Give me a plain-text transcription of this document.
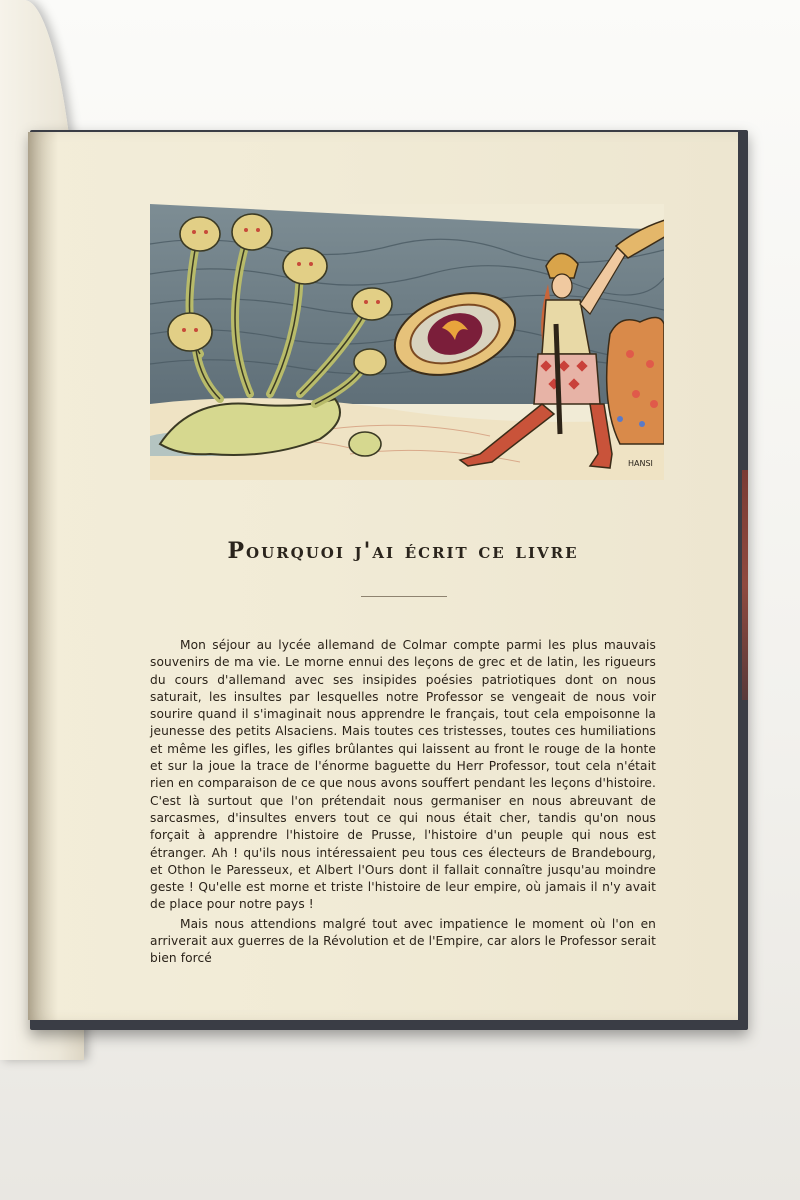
HANSI
Pourquoi j'ai écrit ce livre

Mon séjour au lycée allemand de Colmar compte parmi les plus mauvais souvenirs de ma vie. Le morne ennui des leçons de grec et de latin, les rigueurs du cours d'allemand avec ses insipides poésies patriotiques dont on nous saturait, les insultes par lesquelles notre Professor se vengeait de nous voir sourire quand il s'imaginait nous apprendre le français, tout cela empoisonne la jeunesse des petits Alsaciens. Mais toutes ces tristesses, toutes ces humiliations et même les gifles, les gifles brûlantes qui laissent au front le rouge de la honte et sur la joue la trace de l'énorme baguette du Herr Professor, tout cela n'était rien en comparaison de ce que nous avons souffert pendant les leçons d'histoire. C'est là surtout que l'on prétendait nous germaniser en nous abreuvant de sarcasmes, d'insultes envers tout ce qui nous était cher, tandis qu'on nous forçait à apprendre l'histoire de Prusse, l'histoire d'un peuple qui nous est étranger. Ah ! qu'ils nous intéressaient peu tous ces électeurs de Brandebourg, et Othon le Paresseux, et Albert l'Ours dont il fallait connaître jusqu'au moindre geste ! Qu'elle est morne et triste l'histoire de leur empire, où jamais il n'y avait de place pour notre pays !

Mais nous attendions malgré tout avec impatience le moment où l'on en arriverait aux guerres de la Révolution et de l'Empire, car alors le Professor serait bien forcé
